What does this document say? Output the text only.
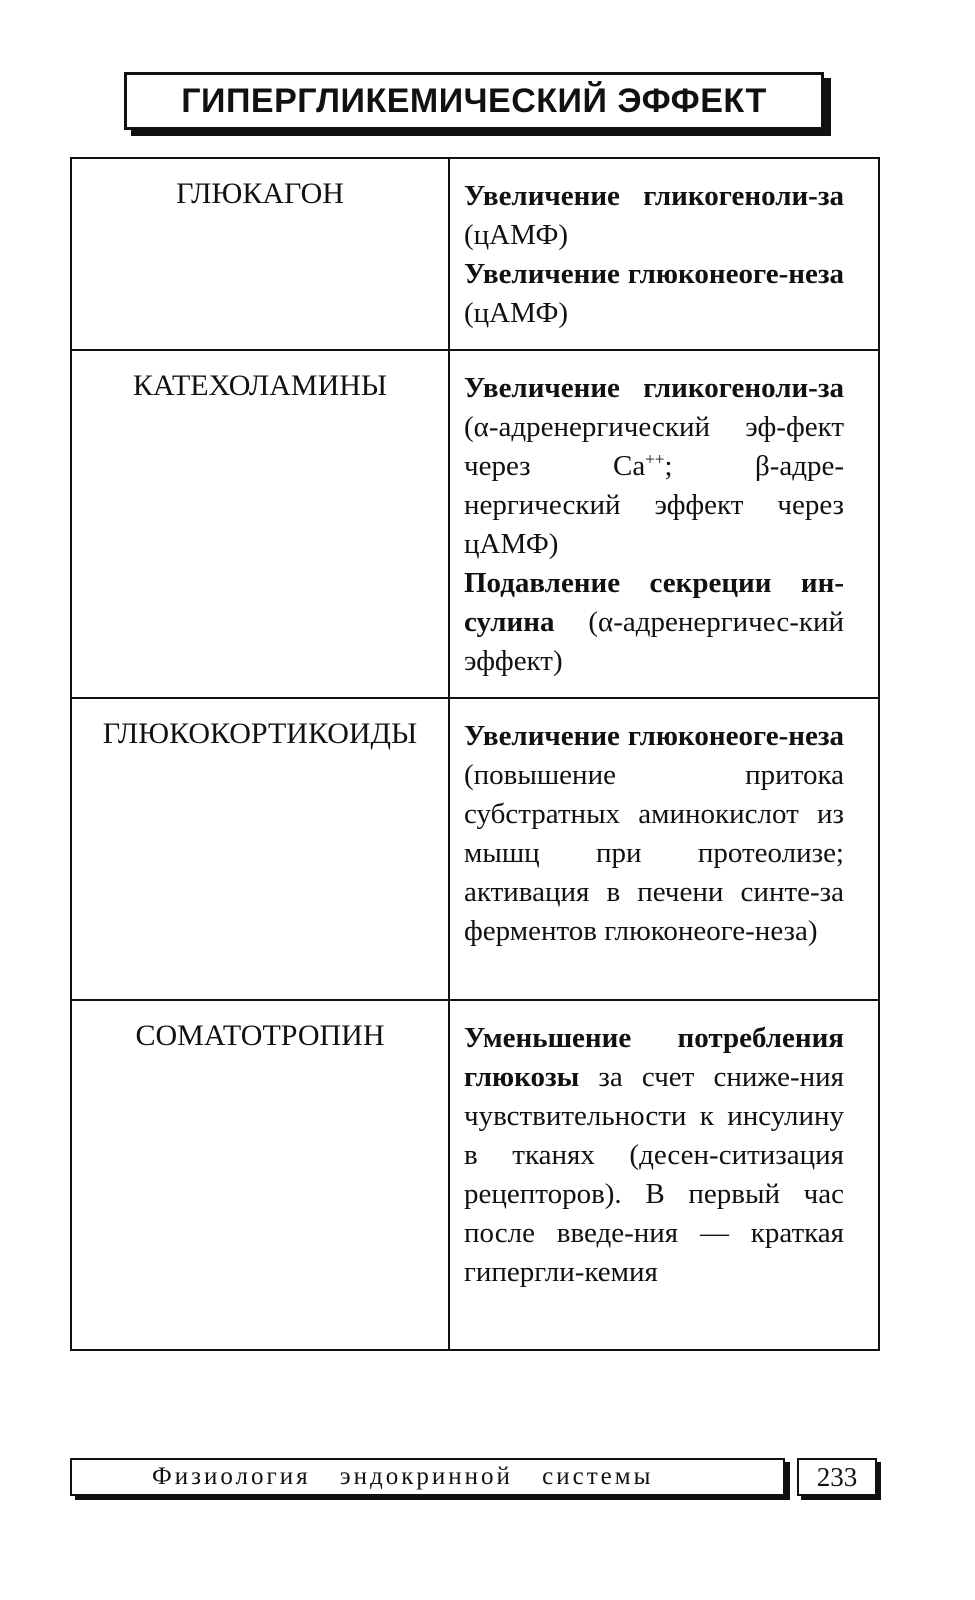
ГИПЕРГЛИКЕМИЧЕСКИЙ ЭФФЕКТ
ГЛЮКАГОН	Увеличение гликогеноли-за (цАМФ)
Увеличение глюконеоге-неза (цАМФ)

КАТЕХОЛАМИНЫ	Увеличение гликогеноли-за (α-адренергический эф-фект через Ca++; β-адре-нергический эффект через цАМФ)
Подавление секреции ин-сулина (α-адренергичес-кий эффект)

ГЛЮКОКОРТИКОИДЫ	Увеличение глюконеоге-неза (повышение притока субстратных аминокислот из мышц при протеолизе; активация в печени синте-за ферментов глюконеоге-неза)

СОМАТОТРОПИН	Уменьшение потребления глюкозы за счет сниже-ния чувствительности к инсулину в тканях (десен-ситизация рецепторов). В первый час после введе-ния — краткая гипергли-кемия
Физиология эндокринной системы	233
